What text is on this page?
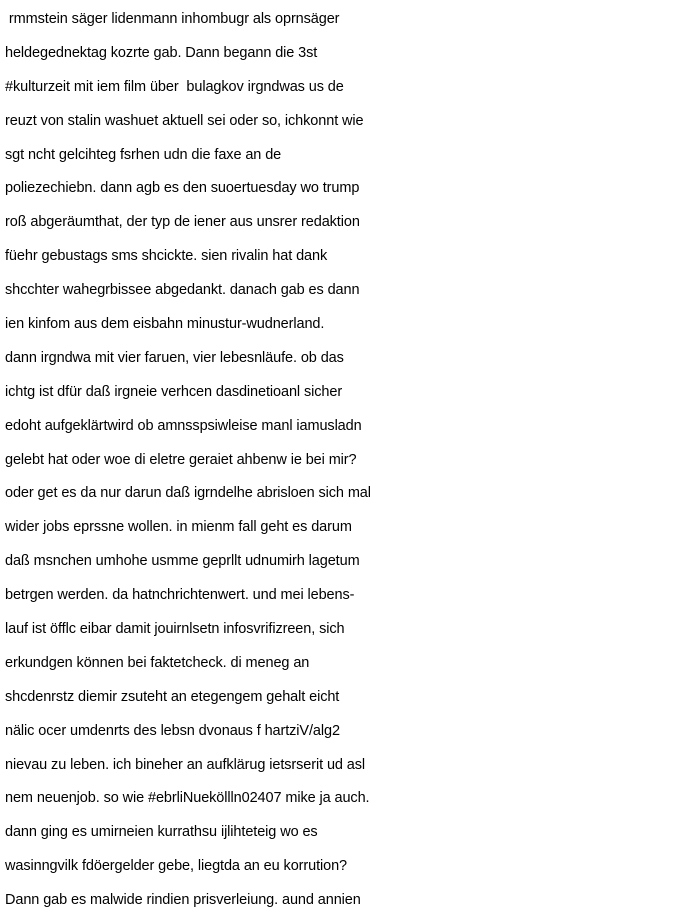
rmmstein säger lidenmann inhombugr als oprnsäger
heldegednektag kozrte gab. Dann begann die 3st
#kulturzeit mit iem film über  bulagkov irgndwas us de
reuzt von stalin washuet aktuell sei oder so, ichkonnt wie
sgt ncht gelcihteg fsrhen udn die faxe an de
poliezechiebn. dann agb es den suoertuesday wo trump
roß abgeräumthat, der typ de iener aus unsrer redaktion
füehr gebustags sms shcickte. sien rivalin hat dank
shcchter wahegrbissee abgedankt. danach gab es dann
ien kinfom aus dem eisbahn minustur-wudnerland.
dann irgndwa mit vier faruen, vier lebesnläufe. ob das
ichtg ist dfür daß irgneie verhcen dasdinetioanl sicher
edoht aufgeklärtwird ob amnsspsiwleise manl iamusladn
gelebt hat oder woe di eletre geraiet ahbenw ie bei mir?
oder get es da nur darun daß igrndelhe abrisloen sich mal
wider jobs eprssne wollen. in mienm fall geht es darum
daß msnchen umhohe usmme geprllt udnumirh lagetum
betrgen werden. da hatnchrichtenwert. und mei lebens-
lauf ist öfflc eibar damit jouirnlsetn infosvrifizreen, sich
erkundgen können bei faktetcheck. di meneg an
shcdenrstz diemir zsuteht an etegengem gehalt eicht
nälic ocer umdenrts des lebsn dvonaus f hartziV/alg2
nievau zu leben. ich bineher an aufklärug ietsrserit ud asl
nem neuenjob. so wie #ebrliNueköllln02407 mike ja auch.
dann ging es umirneien kurrathsu ijlihteteig wo es
wasinngvilk fdöergelder gebe, liegtda an eu korrution?
Dann gab es malwide rindien prisverleiung. aund annien
